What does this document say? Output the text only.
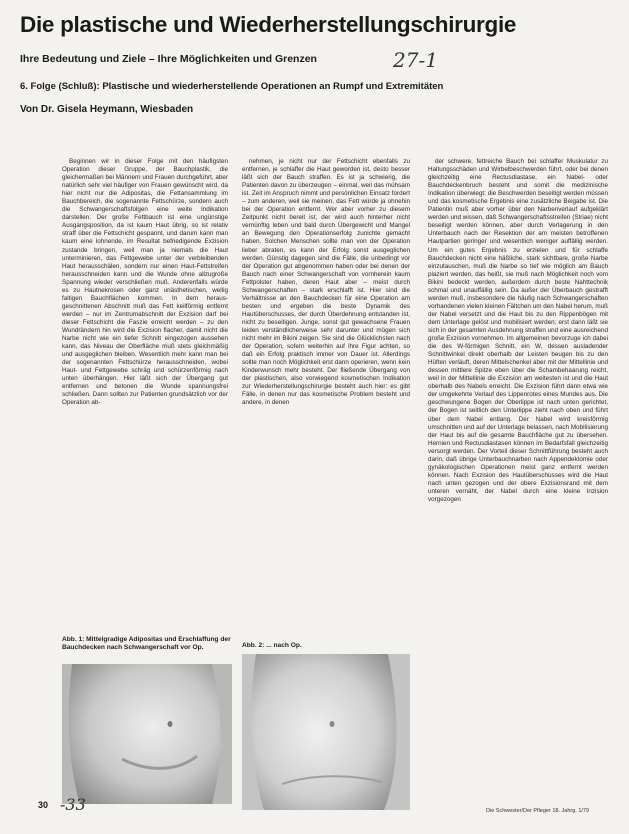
Die plastische und Wiederherstellungschirurgie
Ihre Bedeutung und Ziele – Ihre Möglichkeiten und Grenzen	27-1
6. Folge (Schluß): Plastische und wiederherstellende Operationen an Rumpf und Extremitäten
Von Dr. Gisela Heymann, Wiesbaden

Beginnen wir in dieser Folge mit den häufigsten Operation dieser Gruppe, der Bauchplastik, die gleichermaßen bei Männern und Frauen durchgeführt, aber natürlich sehr viel häufiger von Frauen gewünscht wird, da hier nicht nur die Adipositas, die Fettansammlung im Bauchbereich, die sogenannte Fettschürze, sondern auch die Schwangerschaftsfolgen eine weite Indikation darstellen. Der große Fettbauch ist eine ungünstige Ausgangsposition, da ist kaum Haut übrig, so ist relativ straff über die Fettschicht gespannt, und darum kann man kaum eine lohnende, im Resultat befriedigende Exzision zustande bringen, weil man ja niemals die Haut unterminieren, das Fettgewebe unter der verbleibenden Haut herausschälen, sondern nur einen Haut-Fettstreifen herausschneiden kann und die Wunde ohne allzugroße Spannung wieder verschließen muß. Anderenfalls würde es zu Hautnekrosen oder ganz unästhetischen, wellig faltigen Bauchflächen kommen. In dem heraus-geschnittenen Abschnitt muß das Fett keilförmig entfernt werden – nur im Zentrumabschnitt der Exzision darf bei dieser Fettschicht die Faszie erreicht werden – zu den Wundrändern hin wird die Exzision flacher, damit nicht die Narbe nicht wie ein tiefer Schnitt eingezogen aussehen kann, das Niveau der Oberfläche muß stets gleichmäßig und ausgeglichen bleiben. Wesentlich mehr kann man bei der sogenannten Fettschürze herausschneiden, wobei Haut- und Fettgewebe schräg und schürzenförmig nach unten überhängen. Hier läßt sich der Übergang gut entfernen und betonen die Wunde spannungsfrei schließen. Dann sollten zur Patienten grundsätzlich vor der Operation ab-

nehmen, je nicht nur der Fettschicht ebenfalls zu entfernen, je schlaffer die Haut geworden ist, desto besser läßt sich der Bauch straffen. Es ist ja schwierig, die Patienten davon zu überzeugen – einmal, weil das mühsam ist. Zeit im Anspruch nimmt und persönlichen Einsatz fordert – zum anderen, weil sie meinen, das Fett würde ja ohnehin bei der Operation entfernt. Wer aber vorher zu diesem Zeitpunkt nicht bereit ist, der wird auch hinterher nicht vernünftig leben und bald durch Übergewicht und Mangel an Bewegung den Operationserfolg zunichte gemacht haben. Solchen Menschen sollte man von der Operation lieber abraten, es kann der Erfolg sonst ausgeglichen werden. Günstig dagegen sind die Fälle, die unbedingt vor der Operation gut abgenommen haben oder bei denen der Bauch nach einer Schwangerschaft von vornherein kaum Fettpolster haben, deren Haut aber – meist durch Schwangerschaften – stark erschlafft ist. Hier sind die Verhältnisse an den Bauchdecken für eine Operation am besten und ergeben die beste Dynamik des Hautüberschusses, der durch Überdehnung entstanden ist, nicht zu beseitigen. Junge, sonst gut gewachsene Frauen leiden verständlicherweise sehr darunter und mögen sich nicht mehr im Bikini zeigen. Sie sind die Glücklichsten nach der Operation, sofern weiterhin auf ihre Figur achten, so daß ein Erfolg praktisch immer von Dauer ist. Allerdings sollte man noch Möglichkeit erst dann operieren, wenn kein Kinderwunsch mehr besteht. Der fließende Übergang von der plastischen, also vorwiegend kosmetischen Indikation zur Wiederherstellungschirurgie besteht auch hier: es gibt Fälle, in denen nur das kosmetische Problem besteht und andere, in denen

der schwere, fettreiche Bauch bei schlaffer Muskulatur zu Haltungsschäden und Wirbelbeschwerden führt, oder bei denen gleichzeitig eine Rectusdiastase, ein Nabel- oder Bauchdeckenbruch besteht und somit die medizinische Indikation überwiegt; die Beschwerden beseitigt werden müssen und das kosmetische Ergebnis eine zusätzliche Beigabe ist. Die Patientin muß aber vorher über den Narbenverlauf aufgeklärt werden und wissen, daß Schwangerschaftsstreifen (Striae) nicht beseitigt werden können, aber durch Verlagerung in den Unterbauch nach der Resektion der am meisten betroffenen Hautpartien geringer und wesentlich weniger auffällig werden. Um ein gutes Ergebnis zu erzielen und für schlaffe Bauchdecken nicht eine häßliche, stark sichtbare, große Narbe einzutauschen, muß die Narbe so tief wie möglich am Bauch plaziert werden, das heißt, sie muß nach Möglichkeit noch vom Bikini bedeckt werden, außerdem durch beste Nahttechnik schmal und unauffällig sein. Da außer der Überbauch gestrafft werden muß, insbesondere die häufig nach Schwangerschaften vorhandenen vielen kleinen Fältchen um den Nabel herum, muß der Nabel versetzt und die Haut bis zu den Rippenbögen mit dem Unterlage gelöst und mobilisiert werden; erst dann läßt sie sich in der gesamten Ausdehnung straffen und eine ausreichend große Exzision vornehmen. Im allgemeinen bevorzuge ich dabei die des W-förmigen Schnitt, ein W, dessen ausladender Schnittwinkel direkt oberhalb der Leisten beugen bis zu den Hüften verläuft, deren Mittelschenkel aber mit der Mittellinie und dessen mittlere Spitze eben über die Schambehaarung reicht, weil in der Mittellinie die Exzision am weitesten ist und die Haut oberhalb des Nabels erreicht. Die Exzision führt dann etwa wie der umgekehrte Verlauf des Lippenrotes eines Mundes aus. Die geschwungene Bogen der Oberlippe ist nach unten gerichtet, der Bogen ist seitlich den Unterlippe zieht nach oben und führt über dem Nabel entlang. Der Nabel wird kreisförmig umschnitten und auf der Unterlage belassen, nach Mobilisierung der Haut bis auf die gesamte Bauchfläche gut zu übersehen. Hernien und Rectusdiastasen können im Bedarfsfall gleichzeitig versorgt werden. Der Vorteil dieser Schnittführung besteht auch darin, daß übrige Unterbauchnarben nach Appendektomie oder gynäkologischen Operationen meist ganz entfernt werden können. Nach Exzision des Hautüberschusses wird die Haut nach unten gezogen und der obere Exzisionsrand mit dem unteren vernäht, der Nabel durch eine kleine Inzision vorgezogen

Abb. 1: Mittelgradige Adipositas und Erschlaffung der Bauchdecken nach Schwangerschaft vor Op.	Abb. 2: ... nach Op.
30 -33	Die Schwester/Der Pfleger 18. Jahrg. 1/79
